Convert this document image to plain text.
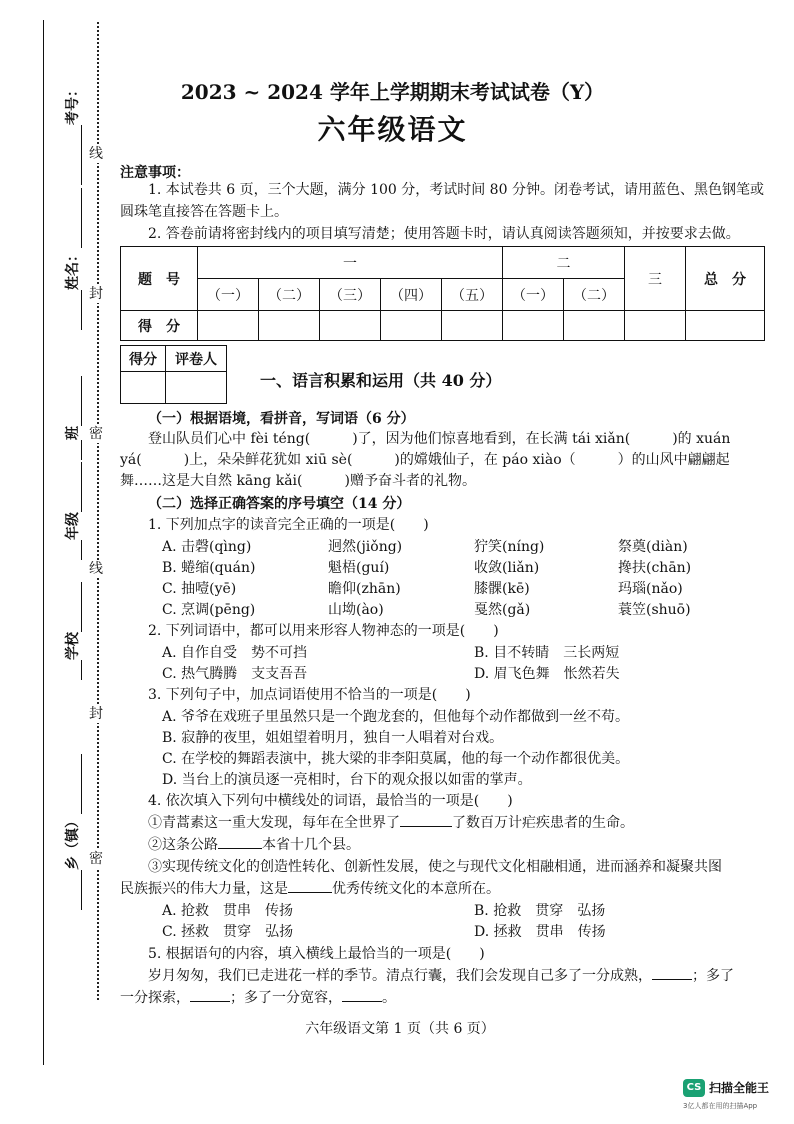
线
封
密
线
封
密
考号：
姓名：
班
年级
学校
乡（镇）
2023 ~ 2024 学年上学期期末考试试卷（Y）
六年级语文
注意事项：
1. 本试卷共 6 页，三个大题，满分 100 分，考试时间 80 分钟。闭卷考试，请用蓝色、黑色钢笔或
圆珠笔直接答在答题卡上。
2. 答卷前请将密封线内的项目填写清楚；使用答题卡时，请认真阅读答题须知，并按要求去做。
题　号	一					二		三	总　分
	（一）	（二）	（三）	（四）	（五）	（一）	（二）		
得　分									
得分	评卷人

一、语言积累和运用（共 40 分）
（一）根据语境，看拼音，写词语（6 分）
登山队员们心中 fèi téng(　　　)了，因为他们惊喜地看到，在长满 tái xiǎn(　　　)的 xuán
yá(　　　)上，朵朵鲜花犹如 xiū sè(　　　)的嫦娥仙子，在 páo xiào（　　　）的山风中翩翩起
舞……这是大自然 kāng kǎi(　　　)赠予奋斗者的礼物。
（二）选择正确答案的序号填空（14 分）
1. 下列加点字的读音完全正确的一项是(　　)
A. 击磬(qìng)	迥然(jiǒng)	狞笑(níng)	祭奠(diàn)
B. 蜷缩(quán)	魁梧(guí)	收敛(liǎn)	搀扶(chān)
C. 抽噎(yē)	瞻仰(zhān)	膝髁(kē)	玛瑙(nǎo)
C. 烹调(pēng)	山坳(ào)	戛然(gǎ)	蓑笠(shuō)
2. 下列词语中，都可以用来形容人物神态的一项是(　　)
A. 自作自受　势不可挡	B. 目不转睛　三长两短
C. 热气腾腾　支支吾吾	D. 眉飞色舞　怅然若失
3. 下列句子中，加点词语使用不恰当的一项是(　　)
A. 爷爷在戏班子里虽然只是一个跑龙套的，但他每个动作都做到一丝不苟。
B. 寂静的夜里，姐姐望着明月，独自一人唱着对台戏。
C. 在学校的舞蹈表演中，挑大梁的非李阳莫属，他的每一个动作都很优美。
D. 当台上的演员逐一亮相时，台下的观众报以如雷的掌声。
4. 依次填入下列句中横线处的词语，最恰当的一项是(　　)
①青蒿素这一重大发现，每年在全世界了	了数百万计疟疾患者的生命。
②这条公路	本省十几个县。
③实现传统文化的创造性转化、创新性发展，使之与现代文化相融相通，进而涵养和凝聚共图
民族振兴的伟大力量，这是	优秀传统文化的本意所在。
A. 抢救　贯串　传扬	B. 抢救　贯穿　弘扬
C. 拯救　贯穿　弘扬	D. 拯救　贯串　传扬
5. 根据语句的内容，填入横线上最恰当的一项是(　　)
岁月匆匆，我们已走进花一样的季节。清点行囊，我们会发现自己多了一分成熟，	；多了
一分探索，	；多了一分宽容，	。
六年级语文第 1 页（共 6 页）
CS 扫描全能王
3亿人都在用的扫描App
